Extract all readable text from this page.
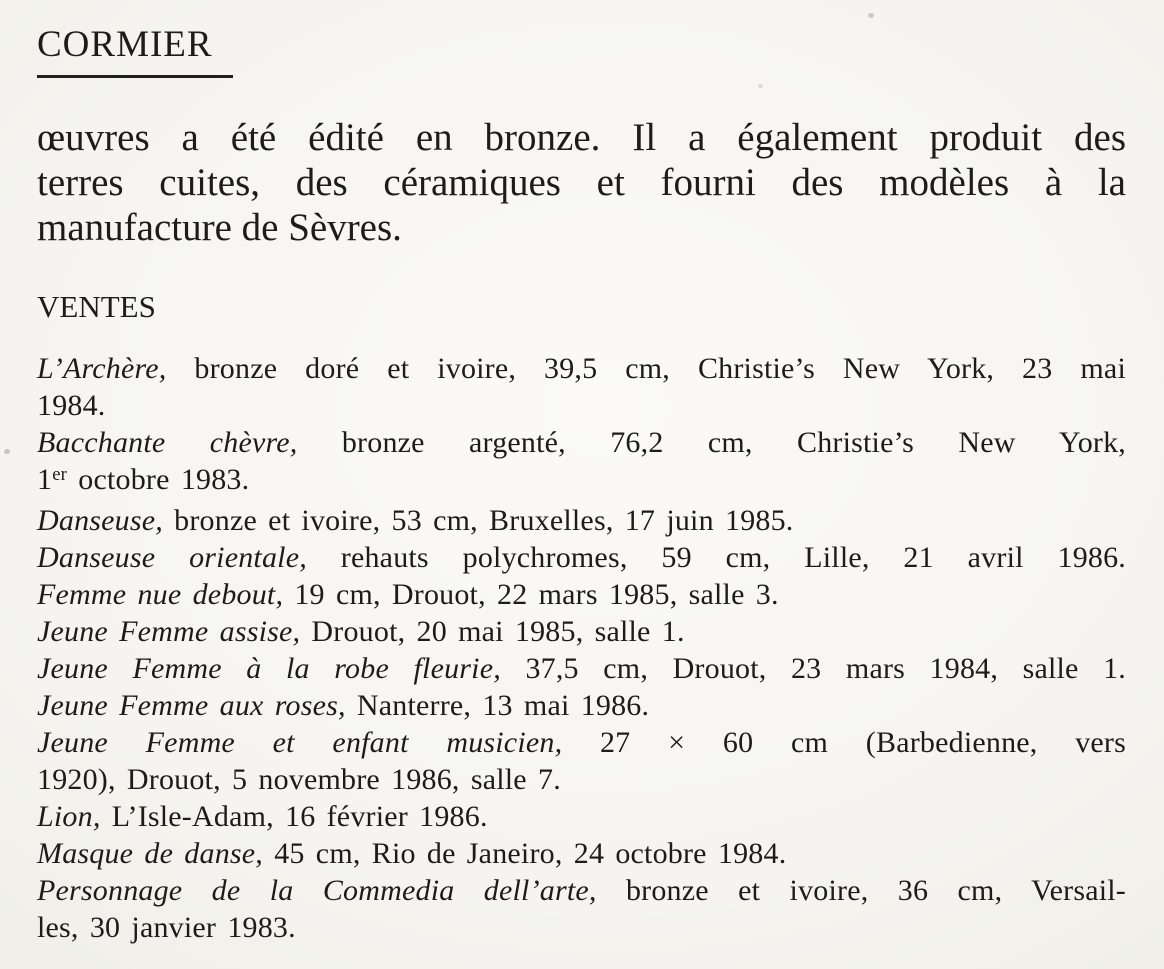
CORMIER
œuvres a été édité en bronze. Il a également produit des
terres cuites, des céramiques et fourni des modèles à la
manufacture de Sèvres.
VENTES
L’Archère, bronze doré et ivoire, 39,5 cm, Christie’s New York, 23 mai
1984.
Bacchante chèvre, bronze argenté, 76,2 cm, Christie’s New York,
1er octobre 1983.
Danseuse, bronze et ivoire, 53 cm, Bruxelles, 17 juin 1985.
Danseuse orientale, rehauts polychromes, 59 cm, Lille, 21 avril 1986.
Femme nue debout, 19 cm, Drouot, 22 mars 1985, salle 3.
Jeune Femme assise, Drouot, 20 mai 1985, salle 1.
Jeune Femme à la robe fleurie, 37,5 cm, Drouot, 23 mars 1984, salle 1.
Jeune Femme aux roses, Nanterre, 13 mai 1986.
Jeune Femme et enfant musicien, 27 × 60 cm (Barbedienne, vers
1920), Drouot, 5 novembre 1986, salle 7.
Lion, L’Isle-Adam, 16 février 1986.
Masque de danse, 45 cm, Rio de Janeiro, 24 octobre 1984.
Personnage de la Commedia dell’arte, bronze et ivoire, 36 cm, Versail-
les, 30 janvier 1983.
